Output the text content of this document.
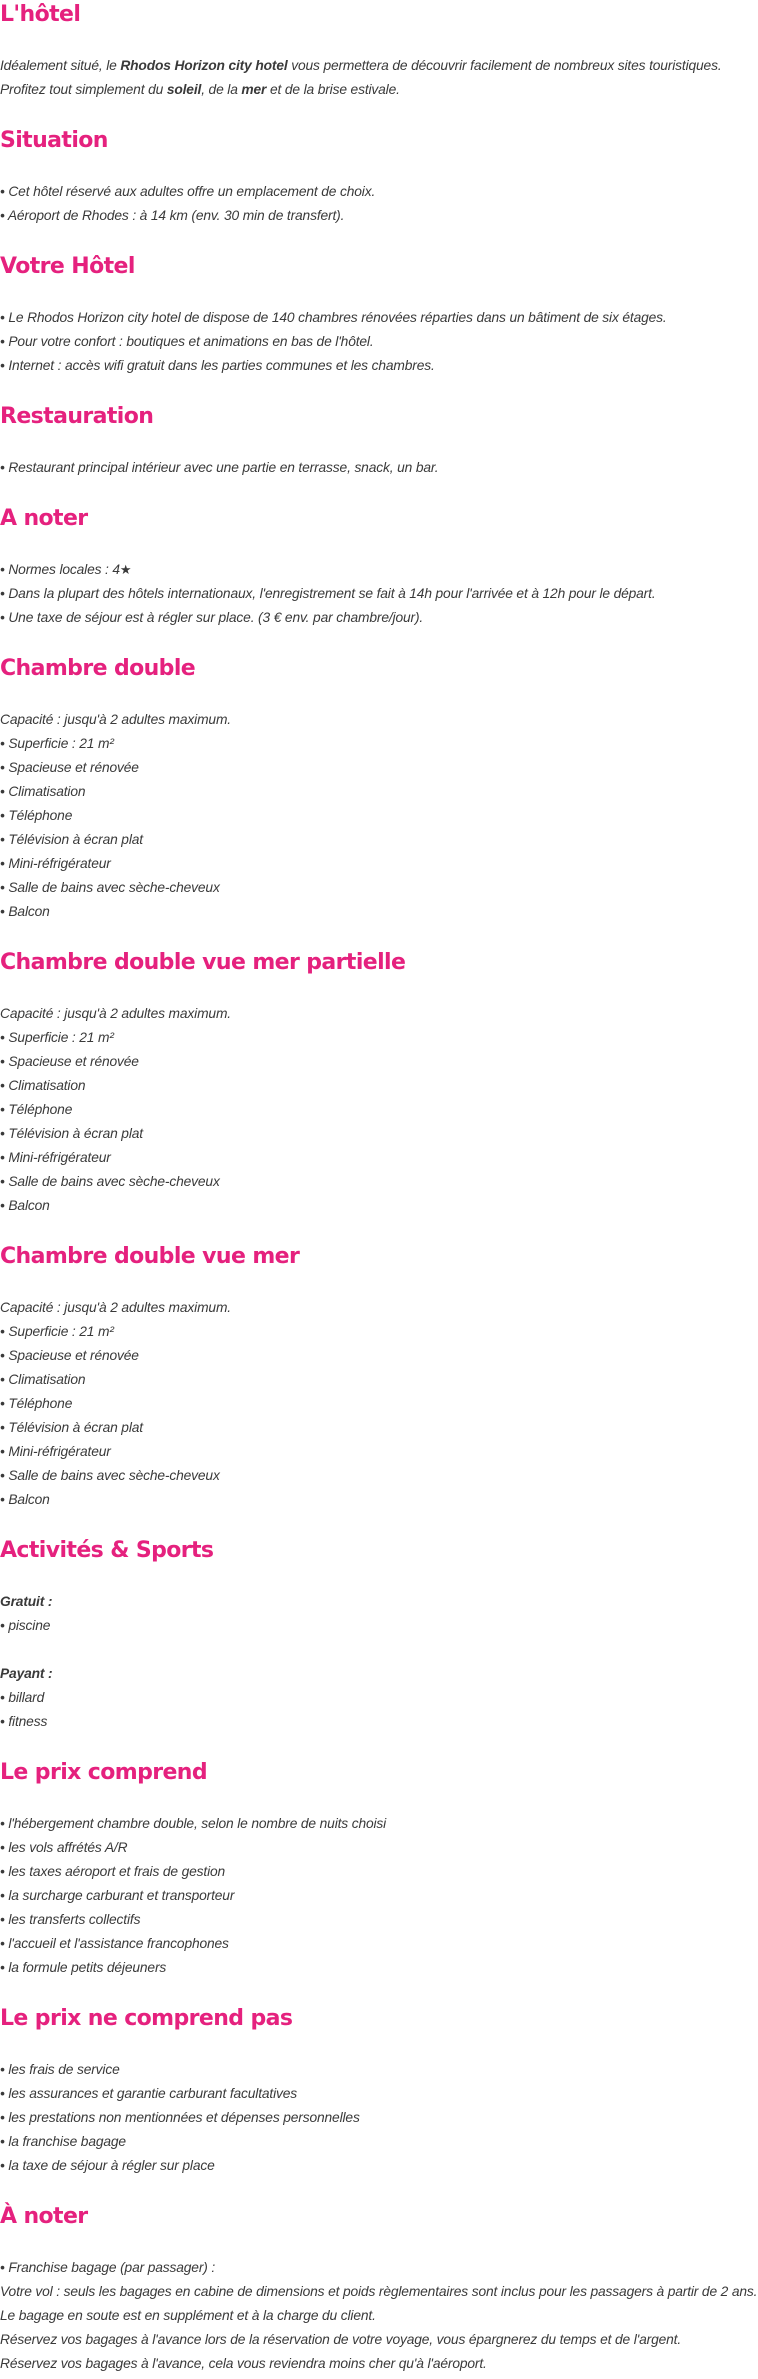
L'hôtel
Idéalement situé, le Rhodos Horizon city hotel vous permettera de découvrir facilement de nombreux sites touristiques.
Profitez tout simplement du soleil, de la mer et de la brise estivale.
Situation
• Cet hôtel réservé aux adultes offre un emplacement de choix.
• Aéroport de Rhodes : à 14 km (env. 30 min de transfert).
Votre Hôtel
• Le Rhodos Horizon city hotel de dispose de 140 chambres rénovées réparties dans un bâtiment de six étages.
• Pour votre confort : boutiques et animations en bas de l'hôtel.
• Internet : accès wifi gratuit dans les parties communes et les chambres.
Restauration
• Restaurant principal intérieur avec une partie en terrasse, snack, un bar.
A noter
• Normes locales : 4★
• Dans la plupart des hôtels internationaux, l'enregistrement se fait à 14h pour l'arrivée et à 12h pour le départ.
• Une taxe de séjour est à régler sur place. (3 € env. par chambre/jour).
Chambre double
Capacité : jusqu'à 2 adultes maximum.
• Superficie : 21 m²
• Spacieuse et rénovée
• Climatisation
• Téléphone
• Télévision à écran plat
• Mini-réfrigérateur
• Salle de bains avec sèche-cheveux
• Balcon
Chambre double vue mer partielle
Capacité : jusqu'à 2 adultes maximum.
• Superficie : 21 m²
• Spacieuse et rénovée
• Climatisation
• Téléphone
• Télévision à écran plat
• Mini-réfrigérateur
• Salle de bains avec sèche-cheveux
• Balcon
Chambre double vue mer
Capacité : jusqu'à 2 adultes maximum.
• Superficie : 21 m²
• Spacieuse et rénovée
• Climatisation
• Téléphone
• Télévision à écran plat
• Mini-réfrigérateur
• Salle de bains avec sèche-cheveux
• Balcon
Activités & Sports
Gratuit :
• piscine
Payant :
• billard
• fitness
Le prix comprend
• l'hébergement chambre double, selon le nombre de nuits choisi
• les vols affrétés A/R
• les taxes aéroport et frais de gestion
• la surcharge carburant et transporteur
• les transferts collectifs
• l'accueil et l'assistance francophones
• la formule petits déjeuners
Le prix ne comprend pas
• les frais de service
• les assurances et garantie carburant facultatives
• les prestations non mentionnées et dépenses personnelles
• la franchise bagage
• la taxe de séjour à régler sur place
À noter
• Franchise bagage (par passager) :
Votre vol : seuls les bagages en cabine de dimensions et poids règlementaires sont inclus pour les passagers à partir de 2 ans.
Le bagage en soute est en supplément et à la charge du client.
Réservez vos bagages à l'avance lors de la réservation de votre voyage, vous épargnerez du temps et de l'argent.
Réservez vos bagages à l'avance, cela vous reviendra moins cher qu'à l'aéroport.
